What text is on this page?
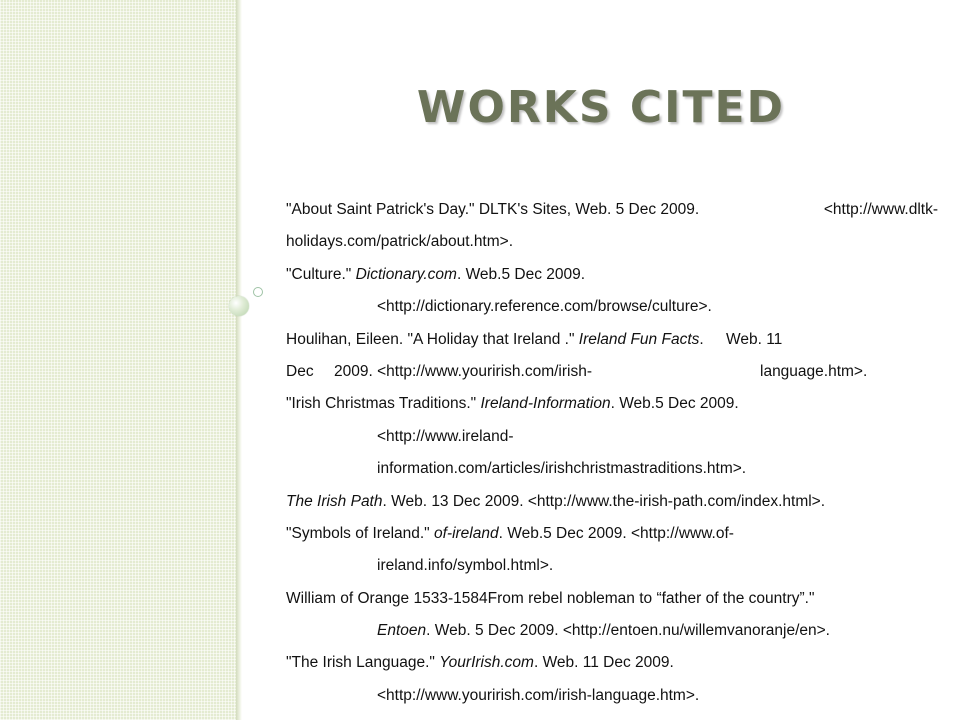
WORKS CITED
"About Saint Patrick's Day." DLTK's Sites, Web. 5 Dec 2009.	<http://www.dltk-
holidays.com/patrick/about.htm>.
"Culture." Dictionary.com. Web.5 Dec 2009.
<http://dictionary.reference.com/browse/culture>.
Houlihan, Eileen. "A Holiday that Ireland ." Ireland Fun Facts. Web. 11
Dec 2009. <http://www.yourirish.com/irish-	language.htm>.
"Irish Christmas Traditions." Ireland-Information. Web.5 Dec 2009.
<http://www.ireland-
information.com/articles/irishchristmastraditions.htm>.
The Irish Path. Web. 13 Dec 2009. <http://www.the-irish-path.com/index.html>.
"Symbols of Ireland." of-ireland. Web.5 Dec 2009. <http://www.of-
ireland.info/symbol.html>.
William of Orange 1533-1584From rebel nobleman to “father of the country”."
Entoen. Web. 5 Dec 2009. <http://entoen.nu/willemvanoranje/en>.
"The Irish Language." YourIrish.com. Web. 11 Dec 2009.
<http://www.yourirish.com/irish-language.htm>.
